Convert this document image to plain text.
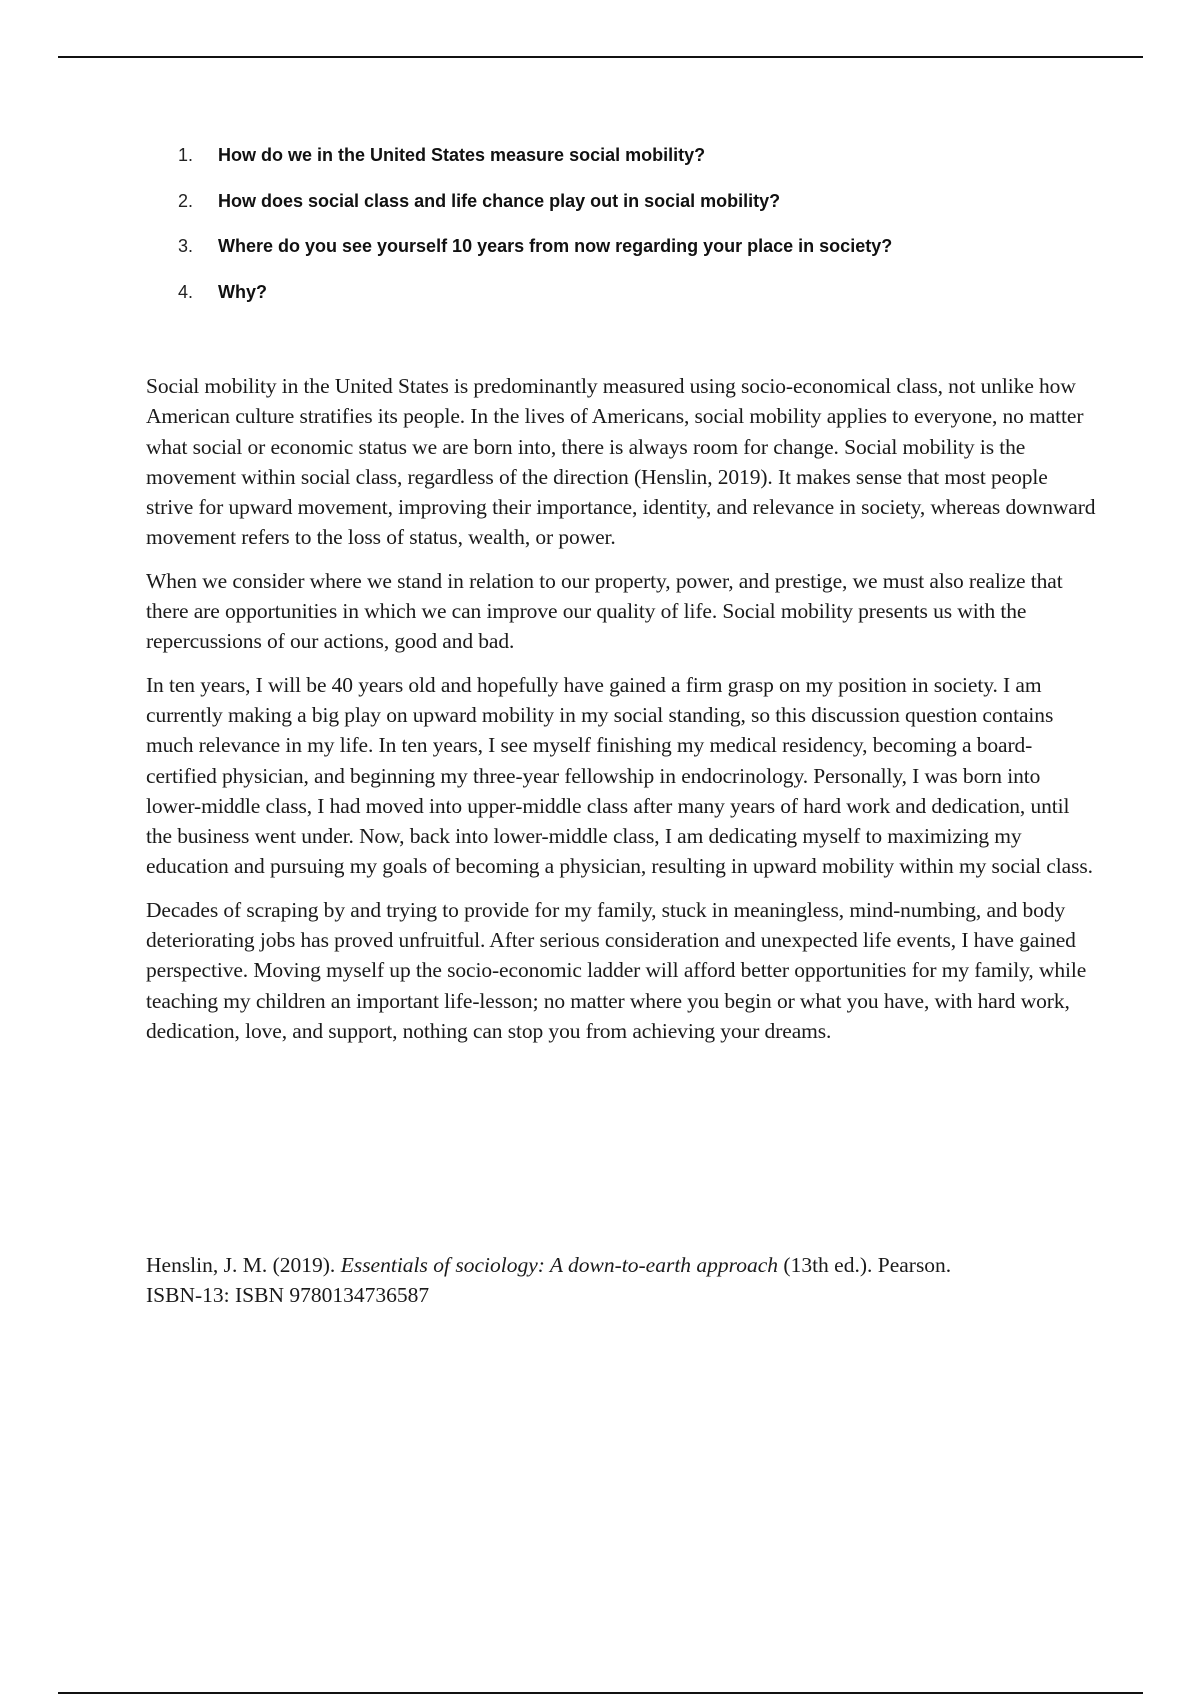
1.	How do we in the United States measure social mobility?
2.	How does social class and life chance play out in social mobility?
3.	Where do you see yourself 10 years from now regarding your place in society?
4.	Why?

Social mobility in the United States is predominantly measured using socio-economical class, not unlike how American culture stratifies its people. In the lives of Americans, social mobility applies to everyone, no matter what social or economic status we are born into, there is always room for change. Social mobility is the movement within social class, regardless of the direction (Henslin, 2019). It makes sense that most people strive for upward movement, improving their importance, identity, and relevance in society, whereas downward movement refers to the loss of status, wealth, or power.

When we consider where we stand in relation to our property, power, and prestige, we must also realize that there are opportunities in which we can improve our quality of life. Social mobility presents us with the repercussions of our actions, good and bad.

In ten years, I will be 40 years old and hopefully have gained a firm grasp on my position in society. I am currently making a big play on upward mobility in my social standing, so this discussion question contains much relevance in my life. In ten years, I see myself finishing my medical residency, becoming a board-certified physician, and beginning my three-year fellowship in endocrinology. Personally, I was born into lower-middle class, I had moved into upper-middle class after many years of hard work and dedication, until the business went under. Now, back into lower-middle class, I am dedicating myself to maximizing my education and pursuing my goals of becoming a physician, resulting in upward mobility within my social class.

Decades of scraping by and trying to provide for my family, stuck in meaningless, mind-numbing, and body deteriorating jobs has proved unfruitful. After serious consideration and unexpected life events, I have gained perspective. Moving myself up the socio-economic ladder will afford better opportunities for my family, while teaching my children an important life-lesson; no matter where you begin or what you have, with hard work, dedication, love, and support, nothing can stop you from achieving your dreams.

Henslin, J. M. (2019). Essentials of sociology: A down-to-earth approach (13th ed.). Pearson.
ISBN-13: ISBN 9780134736587
